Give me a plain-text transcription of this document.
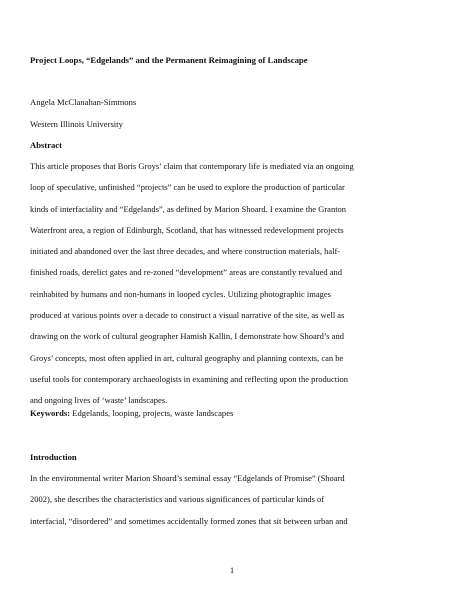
Project Loops, “Edgelands” and the Permanent Reimagining of Landscape
Angela McClanahan-Simmons
Western Illinois University
Abstract
This article proposes that Boris Groys’ claim that contemporary life is mediated via an ongoing
loop of speculative, unfinished “projects” can be used to explore the production of particular
kinds of interfaciality and “Edgelands”, as defined by Marion Shoard. I examine the Granton
Waterfront area, a region of Edinburgh, Scotland, that has witnessed redevelopment projects
initiated and abandoned over the last three decades, and where construction materials, half-
finished roads, derelict gates and re-zoned “development” areas are constantly revalued and
reinhabited by humans and non-humans in looped cycles. Utilizing photographic images
produced at various points over a decade to construct a visual narrative of the site, as well as
drawing on the work of cultural geographer Hamish Kallin, I demonstrate how Shoard’s and
Groys’ concepts, most often applied in art, cultural geography and planning contexts, can be
useful tools for contemporary archaeologists in examining and reflecting upon the production
and ongoing lives of ‘waste’ landscapes.
Keywords: Edgelands, looping, projects, waste landscapes
Introduction
In the environmental writer Marion Shoard’s seminal essay “Edgelands of Promise” (Shoard
2002), she describes the characteristics and various significances of particular kinds of
interfacial, “disordered” and sometimes accidentally formed zones that sit between urban and
1
